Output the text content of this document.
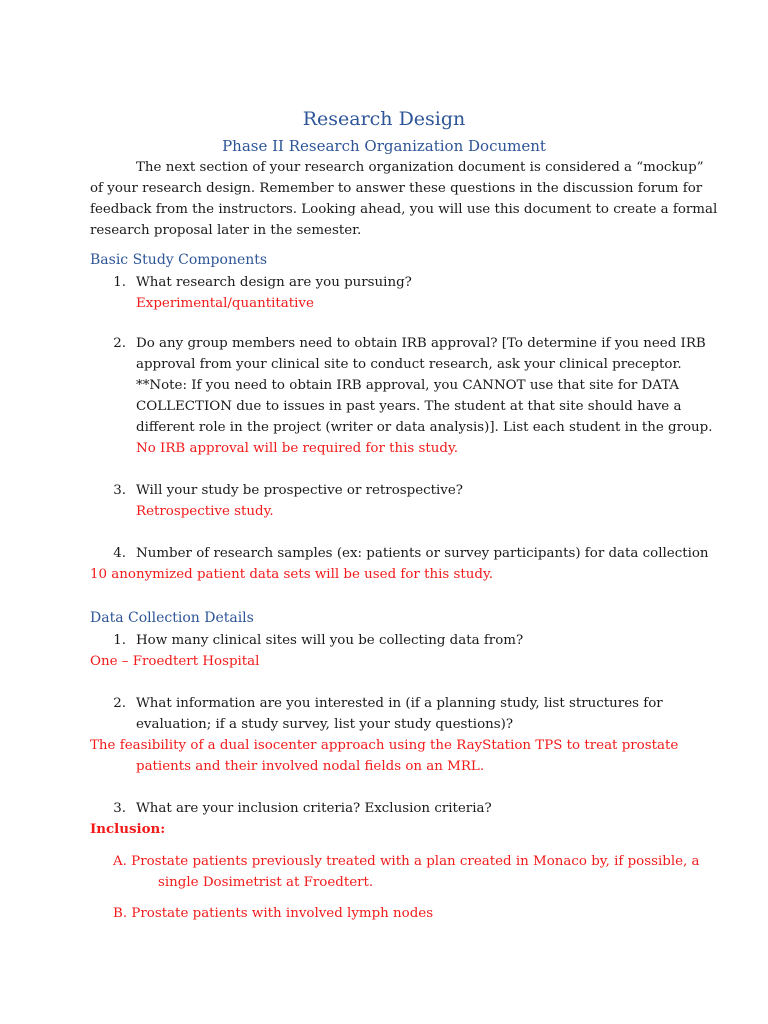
Research Design
Phase II Research Organization Document
The next section of your research organization document is considered a “mockup”
of your research design. Remember to answer these questions in the discussion forum for
feedback from the instructors. Looking ahead, you will use this document to create a formal
research proposal later in the semester.
Basic Study Components
1. What research design are you pursuing?
Experimental/quantitative
2. Do any group members need to obtain IRB approval? [To determine if you need IRB
approval from your clinical site to conduct research, ask your clinical preceptor.
**Note: If you need to obtain IRB approval, you CANNOT use that site for DATA
COLLECTION due to issues in past years. The student at that site should have a
different role in the project (writer or data analysis)]. List each student in the group.
No IRB approval will be required for this study.
3. Will your study be prospective or retrospective?
Retrospective study.
4. Number of research samples (ex: patients or survey participants) for data collection
10 anonymized patient data sets will be used for this study.
Data Collection Details
1. How many clinical sites will you be collecting data from?
One – Froedtert Hospital
2. What information are you interested in (if a planning study, list structures for
evaluation; if a study survey, list your study questions)?
The feasibility of a dual isocenter approach using the RayStation TPS to treat prostate
patients and their involved nodal fields on an MRL.
3. What are your inclusion criteria? Exclusion criteria?
Inclusion:
A. Prostate patients previously treated with a plan created in Monaco by, if possible, a
single Dosimetrist at Froedtert.
B. Prostate patients with involved lymph nodes
